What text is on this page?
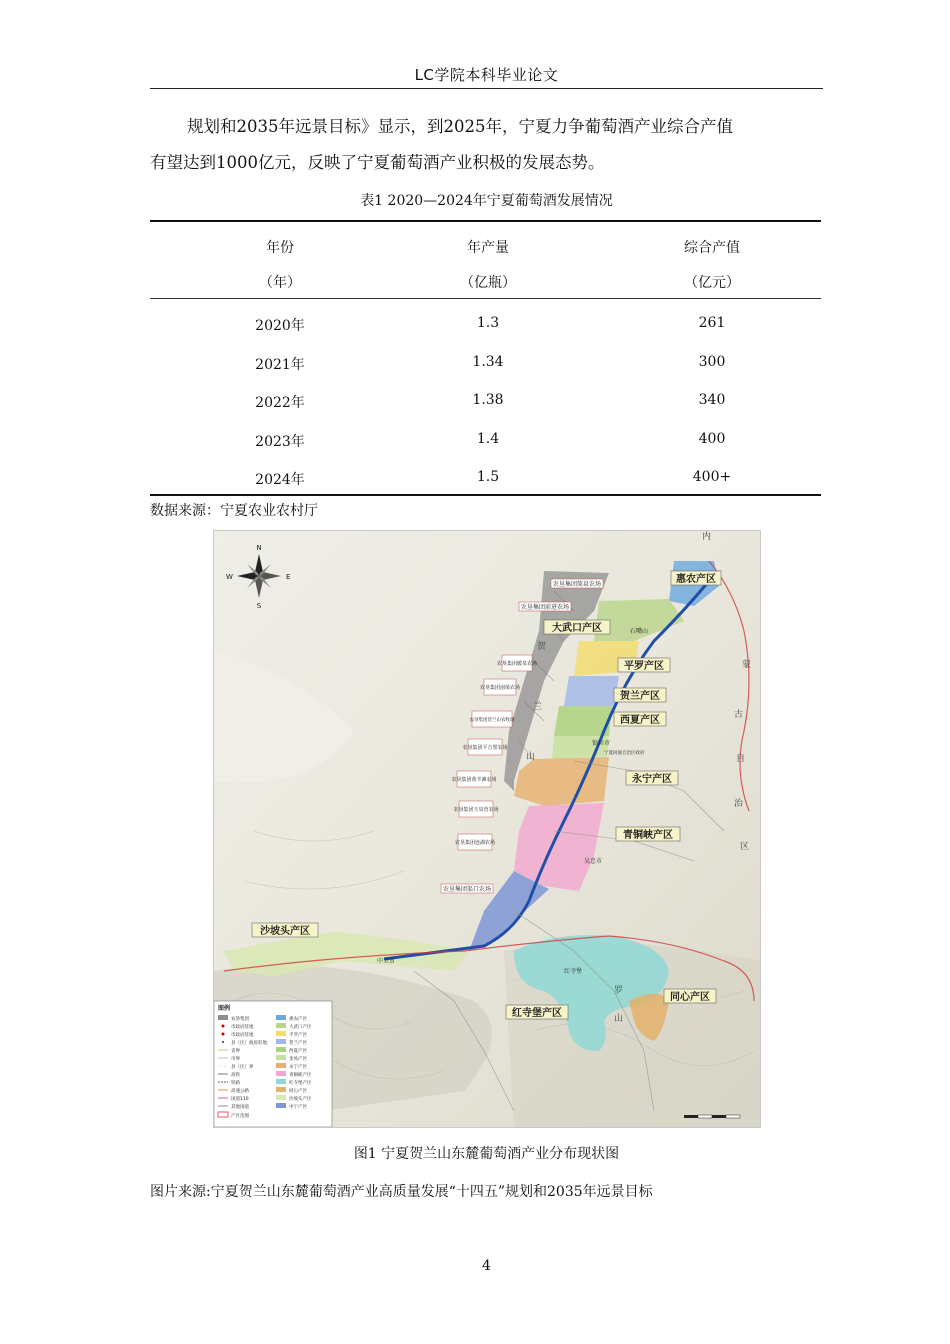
LC学院本科毕业论文
规划和2035年远景目标》显示，到2025年，宁夏力争葡萄酒产业综合产值
有望达到1000亿元，反映了宁夏葡萄酒产业积极的发展态势。
表1 2020—2024年宁夏葡萄酒发展情况
年份	年产量	综合产值
（年）	（亿瓶）	（亿元）
2020年	1.3	261
2021年	1.34	300
2022年	1.38	340
2023年	1.4	400
2024年	1.5	400+
数据来源：宁夏农业农村厅
N
S
E
W	惠农产区
大武口产区
平罗产区
贺兰产区
西夏产区
永宁产区
青铜峡产区
沙坡头产区
红寺堡产区
同心产区
农垦集团简泉农场
农垦集团前进农场
农垦集团暖泉农场
农垦集团南梁农场
农垦集团贺兰山农牧场
农垦集团平吉堡农场
农垦集团黄羊滩农场
农垦集团玉泉营农场
农垦集团连湖农场
农垦集团渠口农场
石嘴山
银川市
宁夏回族自治区政府
吴忠市
中卫市
红寺堡
内
蒙
古
自
治
区
贺
兰
山
罗
山
图例
农垦集团
市政府驻地
市政府驻地
县（区）政府驻地
省界
市界
县（区）界
高铁
铁路
高速公路
国道110
其他国道
产区范围
惠农产区
大武口产区
平罗产区
贺兰产区
西夏产区
金凤产区
永宁产区
青铜峡产区
红寺堡产区
同心产区
沙坡头产区
中宁产区
图1 宁夏贺兰山东麓葡萄酒产业分布现状图
图片来源:宁夏贺兰山东麓葡萄酒产业高质量发展“十四五”规划和2035年远景目标
4
